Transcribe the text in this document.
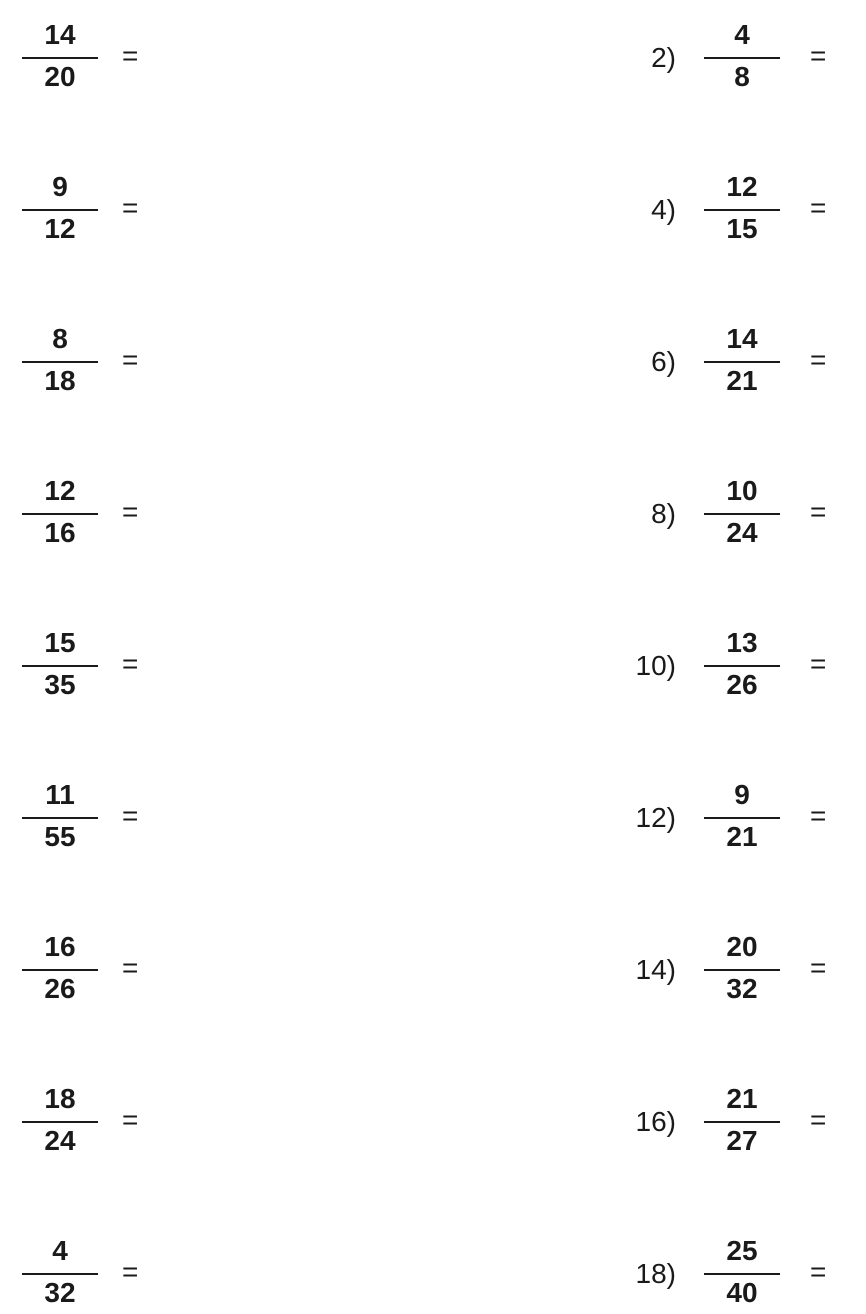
14
20
=	2)
4
8
=
9
12
=	4)
12
15
=
8
18
=	6)
14
21
=
12
16
=	8)
10
24
=
15
35
=	10)
13
26
=
11
55
=	12)
9
21
=
16
26
=	14)
20
32
=
18
24
=	16)
21
27
=
4
32
=	18)
25
40
=
